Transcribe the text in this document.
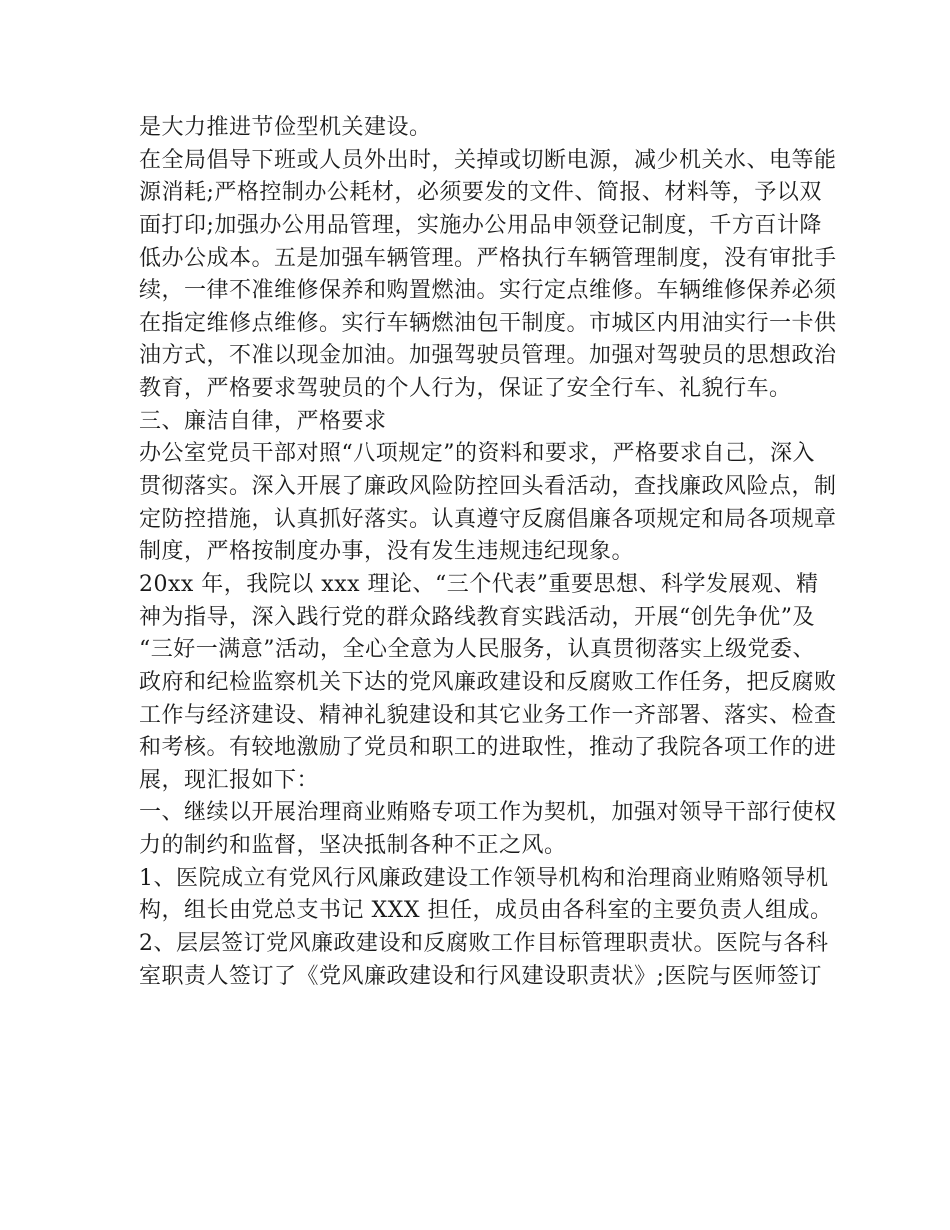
是大力推进节俭型机关建设。
在全局倡导下班或人员外出时，关掉或切断电源，减少机关水、电等能
源消耗;严格控制办公耗材，必须要发的文件、简报、材料等，予以双
面打印;加强办公用品管理，实施办公用品申领登记制度，千方百计降
低办公成本。五是加强车辆管理。严格执行车辆管理制度，没有审批手
续，一律不准维修保养和购置燃油。实行定点维修。车辆维修保养必须
在指定维修点维修。实行车辆燃油包干制度。市城区内用油实行一卡供
油方式，不准以现金加油。加强驾驶员管理。加强对驾驶员的思想政治
教育，严格要求驾驶员的个人行为，保证了安全行车、礼貌行车。
三、廉洁自律，严格要求
办公室党员干部对照“八项规定”的资料和要求，严格要求自己，深入
贯彻落实。深入开展了廉政风险防控回头看活动，查找廉政风险点，制
定防控措施，认真抓好落实。认真遵守反腐倡廉各项规定和局各项规章
制度，严格按制度办事，没有发生违规违纪现象。
20xx 年，我院以 xxx 理论、“三个代表”重要思想、科学发展观、精
神为指导，深入践行党的群众路线教育实践活动，开展“创先争优”及
“三好一满意”活动，全心全意为人民服务，认真贯彻落实上级党委、
政府和纪检监察机关下达的党风廉政建设和反腐败工作任务，把反腐败
工作与经济建设、精神礼貌建设和其它业务工作一齐部署、落实、检查
和考核。有较地激励了党员和职工的进取性，推动了我院各项工作的进
展，现汇报如下：
一、继续以开展治理商业贿赂专项工作为契机，加强对领导干部行使权
力的制约和监督，坚决抵制各种不正之风。
1、医院成立有党风行风廉政建设工作领导机构和治理商业贿赂领导机
构，组长由党总支书记 XXX 担任，成员由各科室的主要负责人组成。
2、层层签订党风廉政建设和反腐败工作目标管理职责状。医院与各科
室职责人签订了《党风廉政建设和行风建设职责状》;医院与医师签订
